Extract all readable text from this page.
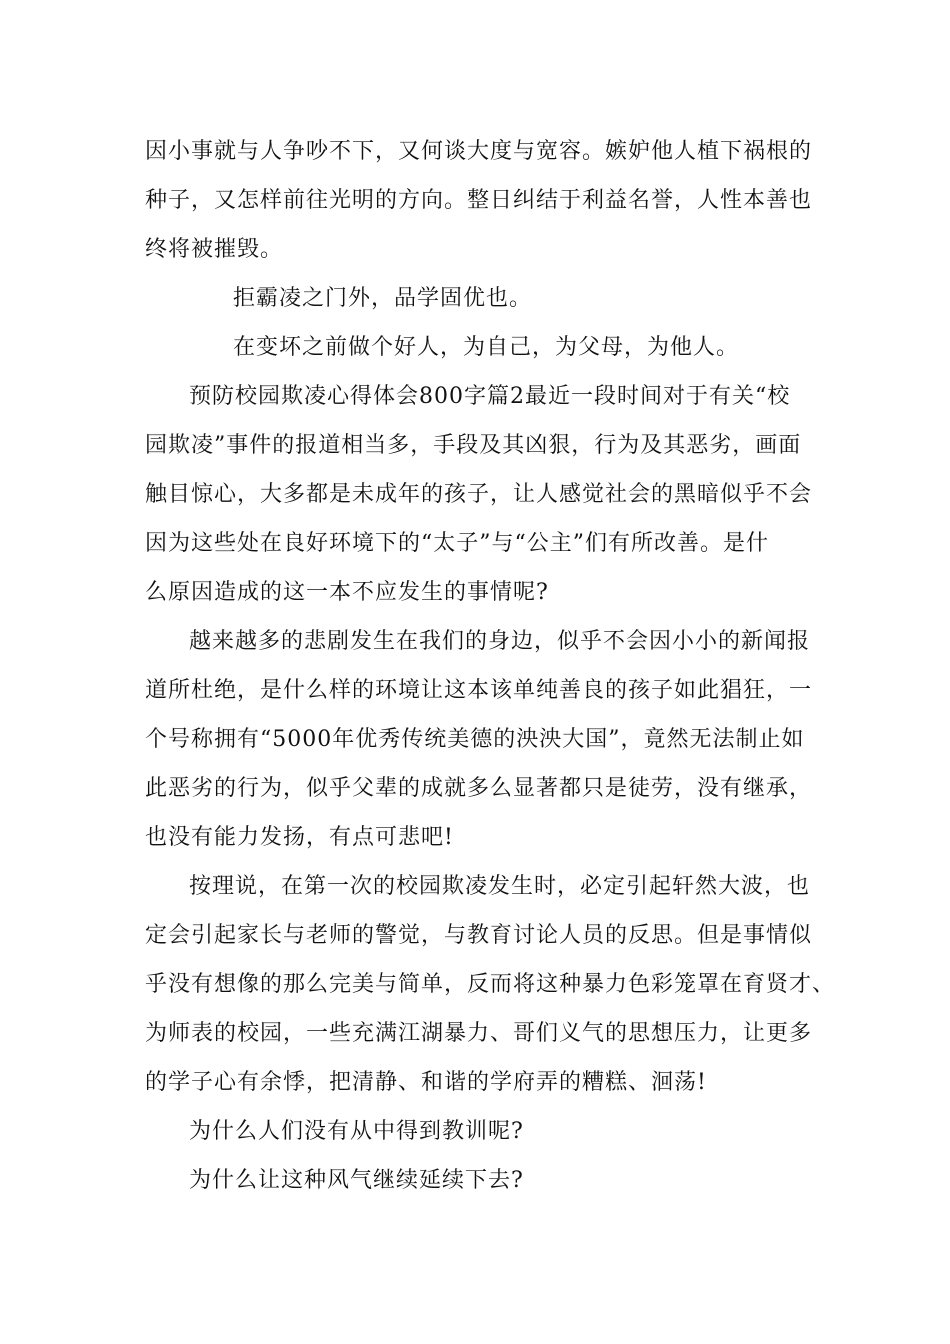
因小事就与人争吵不下，又何谈大度与宽容。嫉妒他人植下祸根的
种子，又怎样前往光明的方向。整日纠结于利益名誉，人性本善也
终将被摧毁。
拒霸凌之门外，品学固优也。
在变坏之前做个好人，为自己，为父母，为他人。
预防校园欺凌心得体会800字篇2最近一段时间对于有关“校
园欺凌”事件的报道相当多，手段及其凶狠，行为及其恶劣，画面
触目惊心，大多都是未成年的孩子，让人感觉社会的黑暗似乎不会
因为这些处在良好环境下的“太子”与“公主”们有所改善。是什
么原因造成的这一本不应发生的事情呢?
越来越多的悲剧发生在我们的身边，似乎不会因小小的新闻报
道所杜绝，是什么样的环境让这本该单纯善良的孩子如此猖狂，一
个号称拥有“5000年优秀传统美德的泱泱大国”，竟然无法制止如
此恶劣的行为，似乎父辈的成就多么显著都只是徒劳，没有继承，
也没有能力发扬，有点可悲吧!
按理说，在第一次的校园欺凌发生时，必定引起轩然大波，也
定会引起家长与老师的警觉，与教育讨论人员的反思。但是事情似
乎没有想像的那么完美与简单，反而将这种暴力色彩笼罩在育贤才、
为师表的校园，一些充满江湖暴力、哥们义气的思想压力，让更多
的学子心有余悸，把清静、和谐的学府弄的糟糕、洄荡!
为什么人们没有从中得到教训呢?
为什么让这种风气继续延续下去?
